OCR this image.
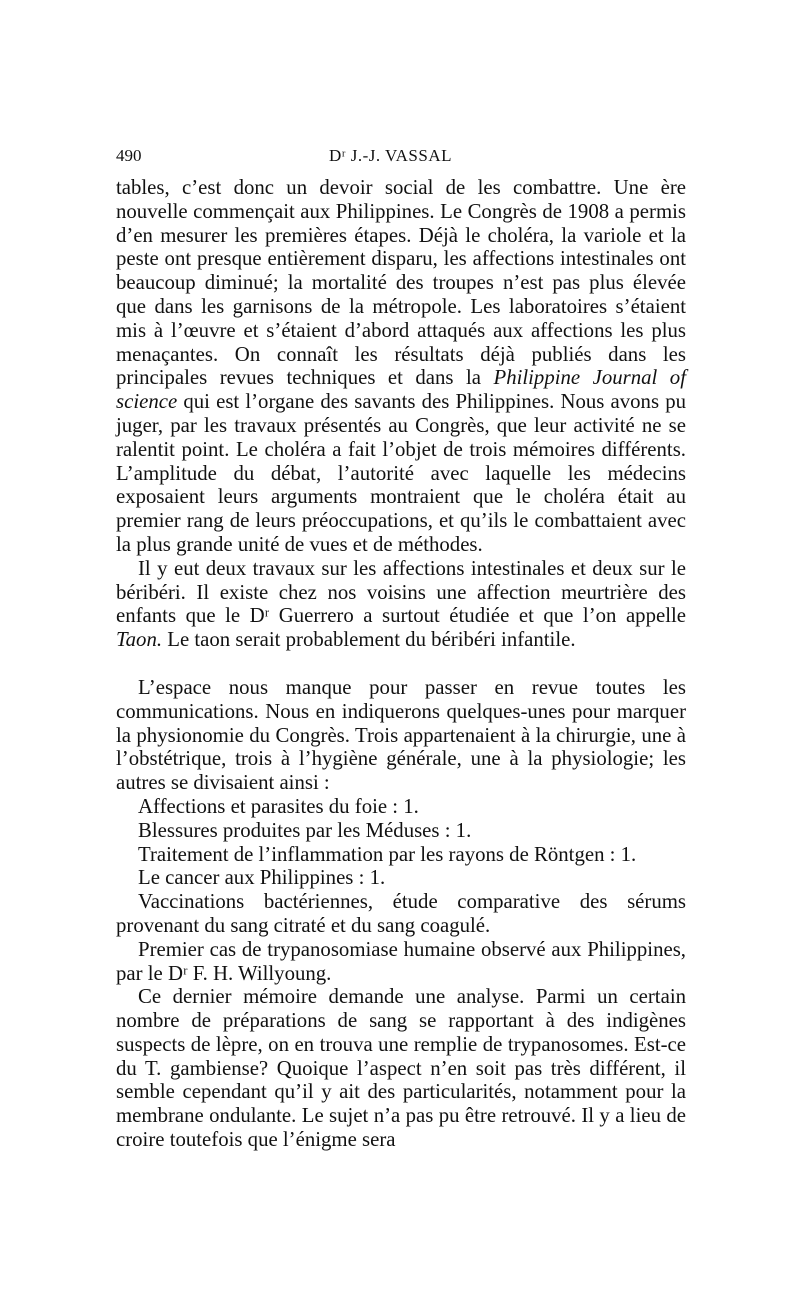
490	Dʳ J.-J. VASSAL

tables, c’est donc un devoir social de les combattre. Une ère nouvelle commençait aux Philippines. Le Congrès de 1908 a permis d’en mesurer les premières étapes. Déjà le choléra, la variole et la peste ont presque entièrement disparu, les affections intestinales ont beaucoup diminué; la mortalité des troupes n’est pas plus élevée que dans les garnisons de la métropole. Les laboratoires s’étaient mis à l’œuvre et s’étaient d’abord attaqués aux affections les plus menaçantes. On connaît les résultats déjà publiés dans les principales revues techniques et dans la Philippine Journal of science qui est l’organe des savants des Philippines. Nous avons pu juger, par les travaux présentés au Congrès, que leur activité ne se ralentit point. Le choléra a fait l’objet de trois mémoires différents. L’amplitude du débat, l’autorité avec laquelle les médecins exposaient leurs arguments montraient que le choléra était au premier rang de leurs préoccupations, et qu’ils le combattaient avec la plus grande unité de vues et de méthodes.

Il y eut deux travaux sur les affections intestinales et deux sur le béribéri. Il existe chez nos voisins une affection meurtrière des enfants que le Dʳ Guerrero a surtout étudiée et que l’on appelle Taon. Le taon serait probablement du béribéri infantile.

L’espace nous manque pour passer en revue toutes les communications. Nous en indiquerons quelques-unes pour marquer la physionomie du Congrès. Trois appartenaient à la chirurgie, une à l’obstétrique, trois à l’hygiène générale, une à la physiologie; les autres se divisaient ainsi :

Affections et parasites du foie : 1.

Blessures produites par les Méduses : 1.

Traitement de l’inflammation par les rayons de Röntgen : 1.

Le cancer aux Philippines : 1.

Vaccinations bactériennes, étude comparative des sérums provenant du sang citraté et du sang coagulé.

Premier cas de trypanosomiase humaine observé aux Philippines, par le Dʳ F. H. Willyoung.

Ce dernier mémoire demande une analyse. Parmi un certain nombre de préparations de sang se rapportant à des indigènes suspects de lèpre, on en trouva une remplie de trypanosomes. Est-ce du T. gambiense? Quoique l’aspect n’en soit pas très différent, il semble cependant qu’il y ait des particularités, notamment pour la membrane ondulante. Le sujet n’a pas pu être retrouvé. Il y a lieu de croire toutefois que l’énigme sera
